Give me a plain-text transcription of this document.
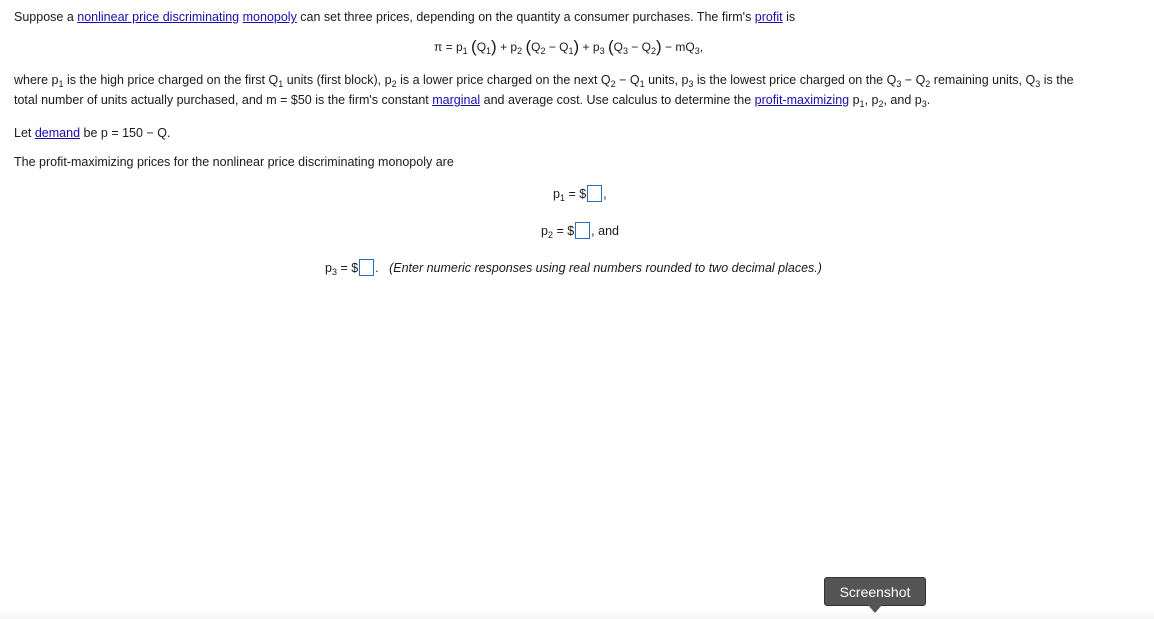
Suppose a nonlinear price discriminating monopoly can set three prices, depending on the quantity a consumer purchases. The firm's profit is
$\pi = p_1$ $(Q_1) + p_2$ $(Q_2 - Q_1) + p_3$ $(Q_3 - Q_2) - mQ_3$,
where $p_1$ is the high price charged on the first $Q_1$ units (first block), $p_2$ is a lower price charged on the next $Q_2 - Q_1$ units, $p_3$ is the lowest price charged on the $Q_3 - Q_2$ remaining units, $Q_3$ is the
total number of units actually purchased, and m = $50 is the firm's constant marginal and average cost. Use calculus to determine the profit-maximizing $p_1$, $p_2$, and $p_3$.
Let demand be p = 150 − Q.
The profit-maximizing prices for the nonlinear price discriminating monopoly are
$p_1$ = $ ,
$p_2$ = $ , and
$p_3$ = $ . (Enter numeric responses using real numbers rounded to two decimal places.)
Screenshot
